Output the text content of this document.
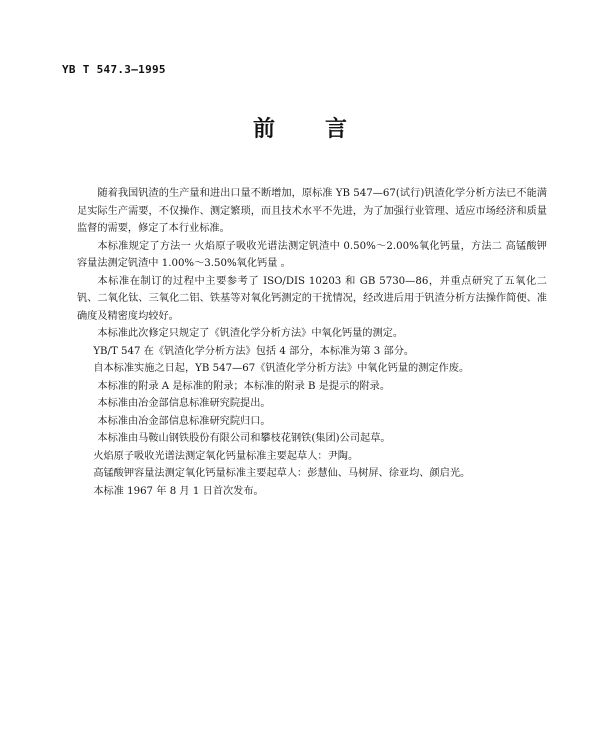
YB T 547.3—1995
前言

随着我国钒渣的生产量和进出口量不断增加，原标准 YB 547—67(试行)钒渣化学分析方法已不能满足实际生产需要，不仅操作、测定繁琐，而且技术水平不先进，为了加强行业管理、适应市场经济和质量监督的需要，修定了本行业标准。

本标准规定了方法一 火焰原子吸收光谱法测定钒渣中 0.50%～2.00%氧化钙量，方法二 高锰酸钾容量法测定钒渣中 1.00%～3.50%氧化钙量 。

本标准在制订的过程中主要参考了 ISO/DIS 10203 和 GB 5730—86，并重点研究了五氧化二钒、二氧化钛、三氧化二铝、铁基等对氧化钙测定的干扰情况，经改进后用于钒渣分析方法操作简便、准确度及精密度均较好。

本标准此次修定只规定了《钒渣化学分析方法》中氧化钙量的测定。

YB/T 547 在《钒渣化学分析方法》包括 4 部分，本标准为第 3 部分。

自本标准实施之日起，YB 547—67《钒渣化学分析方法》中氧化钙量的测定作废。

本标准的附录 A 是标准的附录；本标准的附录 B 是提示的附录。

本标准由冶金部信息标准研究院提出。

本标准由冶金部信息标准研究院归口。

本标准由马鞍山钢铁股份有限公司和攀枝花钢铁(集团)公司起草。

火焰原子吸收光谱法测定氧化钙量标准主要起草人：尹陶。

高锰酸钾容量法测定氧化钙量标准主要起草人：彭慧仙、马树屏、徐亚均、颜启光。

本标准 1967 年 8 月 1 日首次发布。
